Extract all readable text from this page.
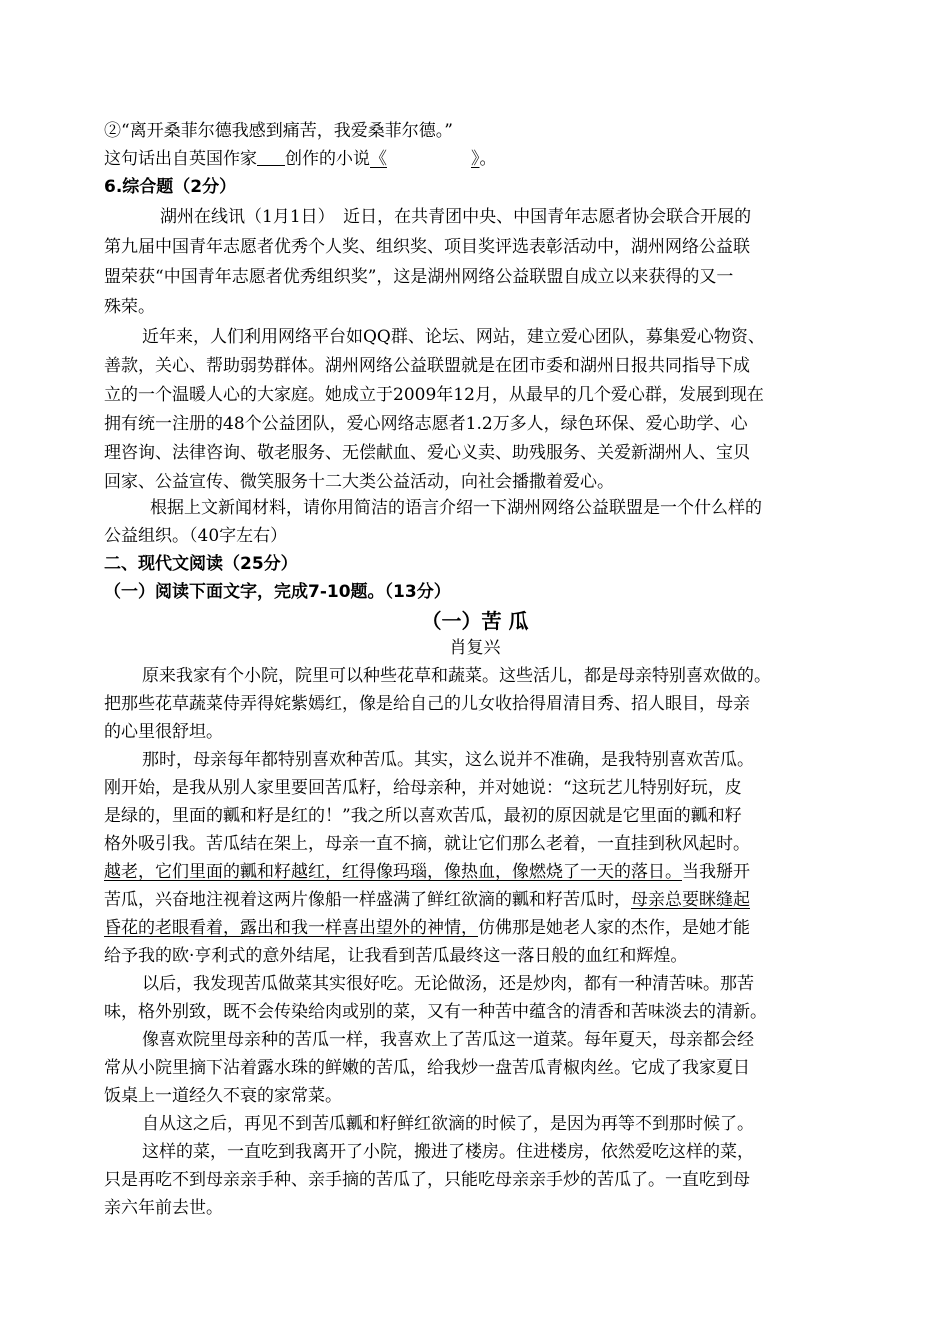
②“离开桑菲尔德我感到痛苦，我爱桑菲尔德。”
这句话出自英国作家 创作的小说《	》。
6.综合题（2分）
湖州在线讯（1月1日）　近日，在共青团中央、中国青年志愿者协会联合开展的
第九届中国青年志愿者优秀个人奖、组织奖、项目奖评选表彰活动中，湖州网络公益联
盟荣获“中国青年志愿者优秀组织奖”，这是湖州网络公益联盟自成立以来获得的又一
殊荣。
近年来，人们利用网络平台如QQ群、论坛、网站，建立爱心团队，募集爱心物资、
善款，关心、帮助弱势群体。湖州网络公益联盟就是在团市委和湖州日报共同指导下成
立的一个温暖人心的大家庭。她成立于2009年12月，从最早的几个爱心群，发展到现在
拥有统一注册的48个公益团队，爱心网络志愿者1.2万多人，绿色环保、爱心助学、心
理咨询、法律咨询、敬老服务、无偿献血、爱心义卖、助残服务、关爱新湖州人、宝贝
回家、公益宣传、微笑服务十二大类公益活动，向社会播撒着爱心。
根据上文新闻材料，请你用简洁的语言介绍一下湖州网络公益联盟是一个什么样的
公益组织。（40字左右）
二、现代文阅读（25分）
（一）阅读下面文字，完成7-10题。（13分）
（一）苦 瓜
肖复兴
原来我家有个小院，院里可以种些花草和蔬菜。这些活儿，都是母亲特别喜欢做的。
把那些花草蔬菜侍弄得姹紫嫣红，像是给自己的儿女收拾得眉清目秀、招人眼目，母亲
的心里很舒坦。
那时，母亲每年都特别喜欢种苦瓜。其实，这么说并不准确，是我特别喜欢苦瓜。
刚开始，是我从别人家里要回苦瓜籽，给母亲种，并对她说：“这玩艺儿特别好玩，皮
是绿的，里面的瓤和籽是红的！”我之所以喜欢苦瓜，最初的原因就是它里面的瓤和籽
格外吸引我。苦瓜结在架上，母亲一直不摘，就让它们那么老着，一直挂到秋风起时。
越老，它们里面的瓤和籽越红，红得像玛瑙，像热血，像燃烧了一天的落日。当我掰开
苦瓜，兴奋地注视着这两片像船一样盛满了鲜红欲滴的瓤和籽苦瓜时，母亲总要眯缝起
昏花的老眼看着，露出和我一样喜出望外的神情，仿佛那是她老人家的杰作，是她才能
给予我的欧·亨利式的意外结尾，让我看到苦瓜最终这一落日般的血红和辉煌。
以后，我发现苦瓜做菜其实很好吃。无论做汤，还是炒肉，都有一种清苦味。那苦
味，格外别致，既不会传染给肉或别的菜，又有一种苦中蕴含的清香和苦味淡去的清新。
像喜欢院里母亲种的苦瓜一样，我喜欢上了苦瓜这一道菜。每年夏天，母亲都会经
常从小院里摘下沾着露水珠的鲜嫩的苦瓜，给我炒一盘苦瓜青椒肉丝。它成了我家夏日
饭桌上一道经久不衰的家常菜。
自从这之后，再见不到苦瓜瓤和籽鲜红欲滴的时候了，是因为再等不到那时候了。
这样的菜，一直吃到我离开了小院，搬进了楼房。住进楼房，依然爱吃这样的菜，
只是再吃不到母亲亲手种、亲手摘的苦瓜了，只能吃母亲亲手炒的苦瓜了。一直吃到母
亲六年前去世。
